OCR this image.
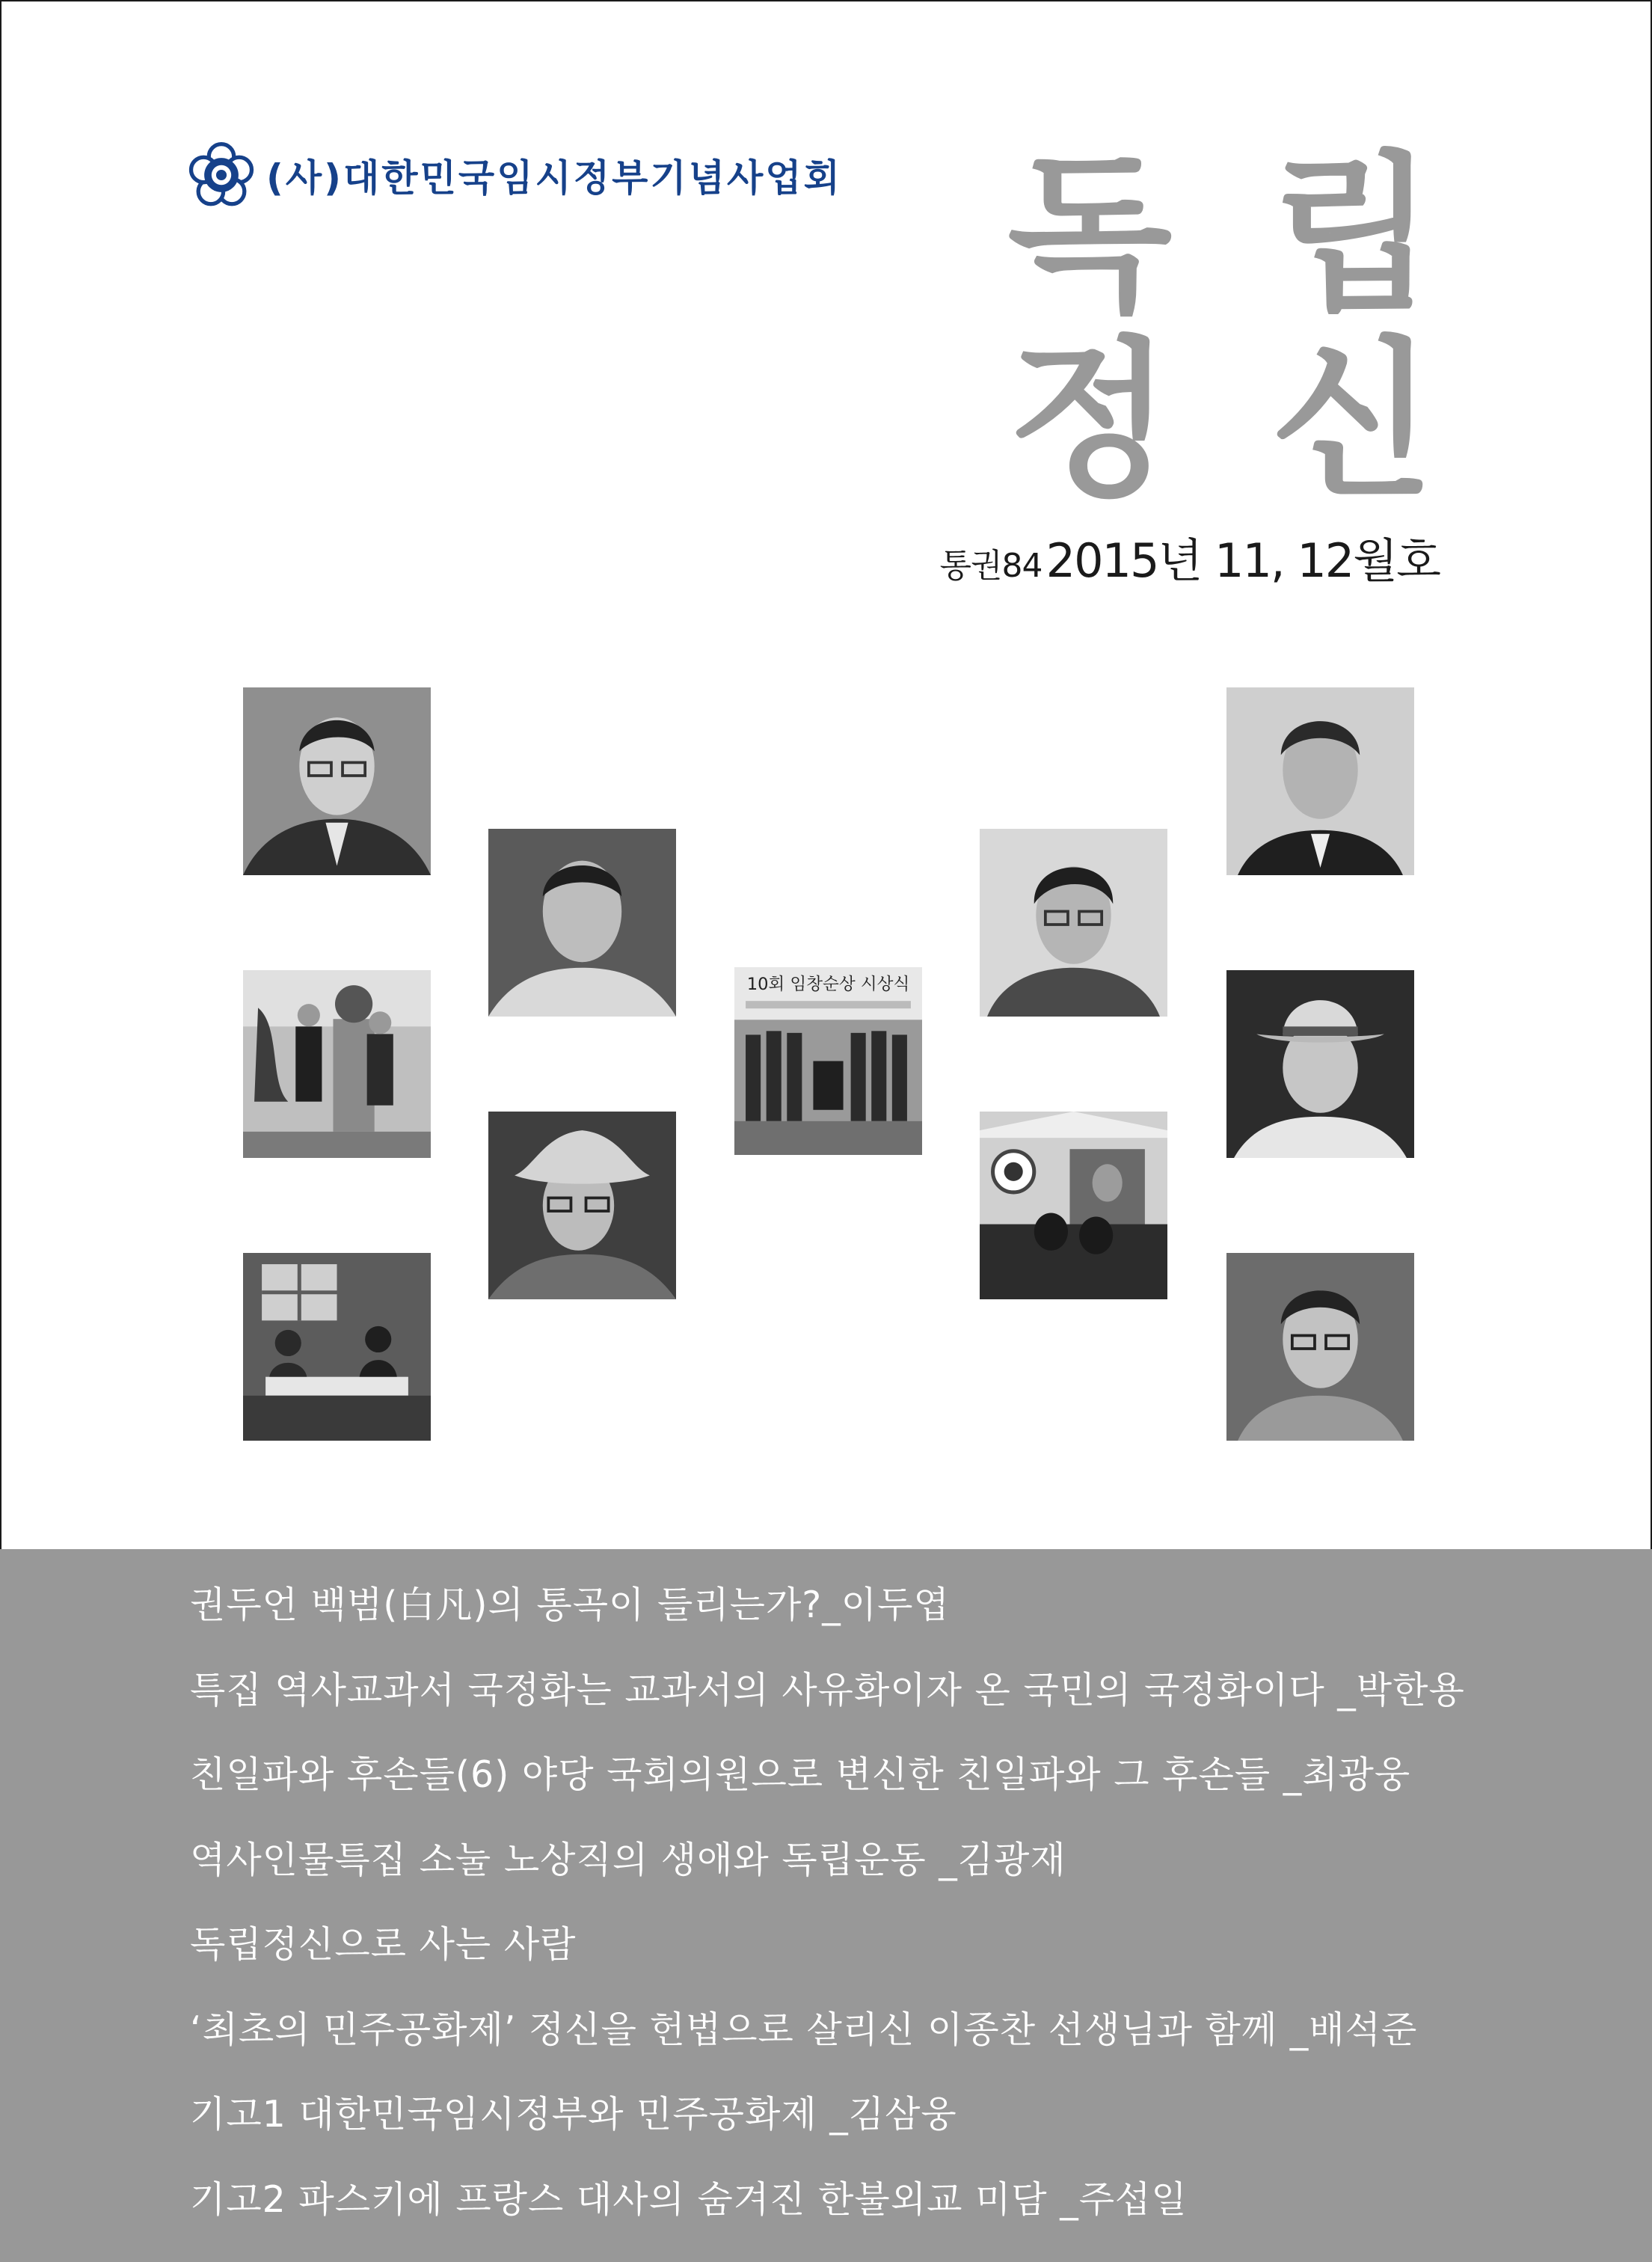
(사)대한민국임시정부기념사업회 독 립
정 신
통권84 2015년 11, 12월호
10회 임창순상 시상식
권두언 백범(白凡)의 통곡이 들리는가?_이두엽
특집 역사교과서 국정화는 교과서의 사유화이자 온 국민의 국정화이다 _박한용
친일파와 후손들(6) 야당 국회의원으로 변신한 친일파와 그 후손들 _최광웅
역사인물특집 소눌 노상직의 생애와 독립운동 _김광재
독립정신으로 사는 사람
‘최초의 민주공화제’ 정신을 헌법으로 살리신 이종찬 선생님과 함께 _배석준
기고1 대한민국임시정부와 민주공화제 _김삼웅
기고2 파스키에 프랑스 대사의 숨겨진 한불외교 미담 _주섭일
